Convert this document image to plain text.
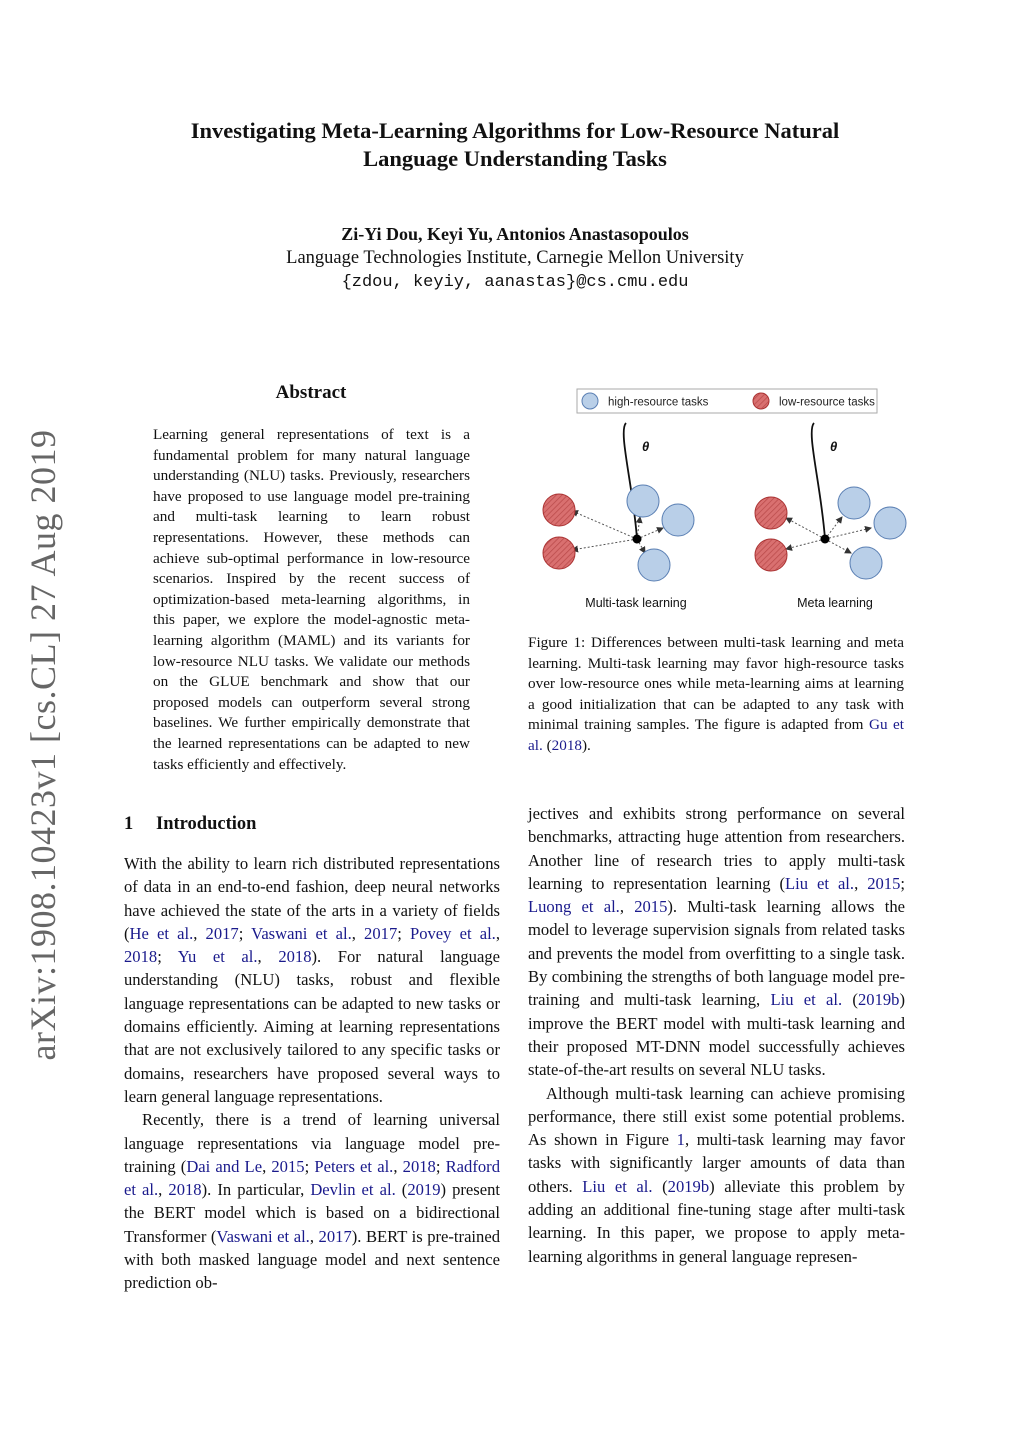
Investigating Meta-Learning Algorithms for Low-Resource Natural
Language Understanding Tasks
Zi-Yi Dou, Keyi Yu, Antonios Anastasopoulos
Language Technologies Institute, Carnegie Mellon University
{zdou, keyiy, aanastas}@cs.cmu.edu
arXiv:1908.10423v1 [cs.CL] 27 Aug 2019
Abstract
Learning general representations of text is a fundamental problem for many natural language understanding (NLU) tasks. Previously, researchers have proposed to use language model pre-training and multi-task learning to learn robust representations. However, these methods can achieve sub-optimal performance in low-resource scenarios. Inspired by the recent success of optimization-based meta-learning algorithms, in this paper, we explore the model-agnostic meta-learning algorithm (MAML) and its variants for low-resource NLU tasks. We validate our methods on the GLUE benchmark and show that our proposed models can outperform several strong baselines. We further empirically demonstrate that the learned representations can be adapted to new tasks efficiently and effectively.
1 Introduction

With the ability to learn rich distributed representations of data in an end-to-end fashion, deep neural networks have achieved the state of the arts in a variety of fields (He et al., 2017; Vaswani et al., 2017; Povey et al., 2018; Yu et al., 2018). For natural language understanding (NLU) tasks, robust and flexible language representations can be adapted to new tasks or domains efficiently. Aiming at learning representations that are not exclusively tailored to any specific tasks or domains, researchers have proposed several ways to learn general language representations.

Recently, there is a trend of learning universal language representations via language model pre-training (Dai and Le, 2015; Peters et al., 2018; Radford et al., 2018). In particular, Devlin et al. (2019) present the BERT model which is based on a bidirectional Transformer (Vaswani et al., 2017). BERT is pre-trained with both masked language model and next sentence prediction ob-

jectives and exhibits strong performance on several benchmarks, attracting huge attention from researchers. Another line of research tries to apply multi-task learning to representation learning (Liu et al., 2015; Luong et al., 2015). Multi-task learning allows the model to leverage supervision signals from related tasks and prevents the model from overfitting to a single task. By combining the strengths of both language model pre-training and multi-task learning, Liu et al. (2019b) improve the BERT model with multi-task learning and their proposed MT-DNN model successfully achieves state-of-the-art results on several NLU tasks.

Although multi-task learning can achieve promising performance, there still exist some potential problems. As shown in Figure 1, multi-task learning may favor tasks with significantly larger amounts of data than others. Liu et al. (2019b) alleviate this problem by adding an additional fine-tuning stage after multi-task learning. In this paper, we propose to apply meta-learning algorithms in general language represen-

high-resource tasks	low-resource tasks
θ
Multi-task learning
θ
Meta learning
Figure 1: Differences between multi-task learning and meta learning. Multi-task learning may favor high-resource tasks over low-resource ones while meta-learning aims at learning a good initialization that can be adapted to any task with minimal training samples. The figure is adapted from Gu et al. (2018).
